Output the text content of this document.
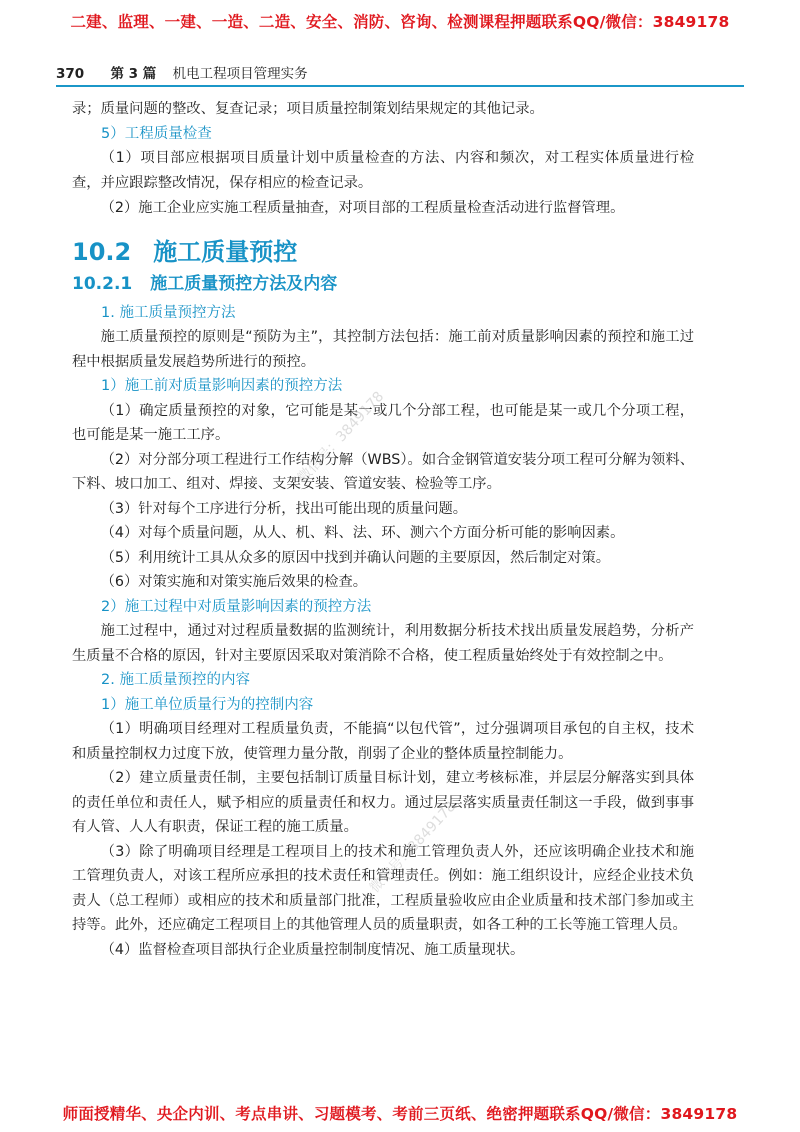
二建、监理、一建、一造、二造、安全、消防、咨询、检测课程押题联系QQ/微信：3849178
370 第 3 篇 机电工程项目管理实务

录；质量问题的整改、复查记录；项目质量控制策划结果规定的其他记录。

5）工程质量检查

（1）项目部应根据项目质量计划中质量检查的方法、内容和频次，对工程实体质量进行检查，并应跟踪整改情况，保存相应的检查记录。

（2）施工企业应实施工程质量抽查，对项目部的工程质量检查活动进行监督管理。

10.2 施工质量预控
10.2.1 施工质量预控方法及内容

1. 施工质量预控方法

施工质量预控的原则是“预防为主”，其控制方法包括：施工前对质量影响因素的预控和施工过程中根据质量发展趋势所进行的预控。

1）施工前对质量影响因素的预控方法

（1）确定质量预控的对象，它可能是某一或几个分部工程，也可能是某一或几个分项工程，也可能是某一施工工序。

（2）对分部分项工程进行工作结构分解（WBS）。如合金钢管道安装分项工程可分解为领料、下料、坡口加工、组对、焊接、支架安装、管道安装、检验等工序。

（3）针对每个工序进行分析，找出可能出现的质量问题。

（4）对每个质量问题，从人、机、料、法、环、测六个方面分析可能的影响因素。

（5）利用统计工具从众多的原因中找到并确认问题的主要原因，然后制定对策。

（6）对策实施和对策实施后效果的检查。

2）施工过程中对质量影响因素的预控方法

施工过程中，通过对过程质量数据的监测统计，利用数据分析技术找出质量发展趋势，分析产生质量不合格的原因，针对主要原因采取对策消除不合格，使工程质量始终处于有效控制之中。

2. 施工质量预控的内容

1）施工单位质量行为的控制内容

（1）明确项目经理对工程质量负责，不能搞“以包代管”，过分强调项目承包的自主权，技术和质量控制权力过度下放，使管理力量分散，削弱了企业的整体质量控制能力。

（2）建立质量责任制，主要包括制订质量目标计划，建立考核标准，并层层分解落实到具体的责任单位和责任人，赋予相应的质量责任和权力。通过层层落实质量责任制这一手段，做到事事有人管、人人有职责，保证工程的施工质量。

（3）除了明确项目经理是工程项目上的技术和施工管理负责人外，还应该明确企业技术和施工管理负责人，对该工程所应承担的技术责任和管理责任。例如：施工组织设计，应经企业技术负责人（总工程师）或相应的技术和质量部门批准，工程质量验收应由企业质量和技术部门参加或主持等。此外，还应确定工程项目上的其他管理人员的质量职责，如各工种的工长等施工管理人员。

（4）监督检查项目部执行企业质量控制制度情况、施工质量现状。

微信号：3849178
微信号：3849178
师面授精华、央企内训、考点串讲、习题模考、考前三页纸、绝密押题联系QQ/微信：3849178
